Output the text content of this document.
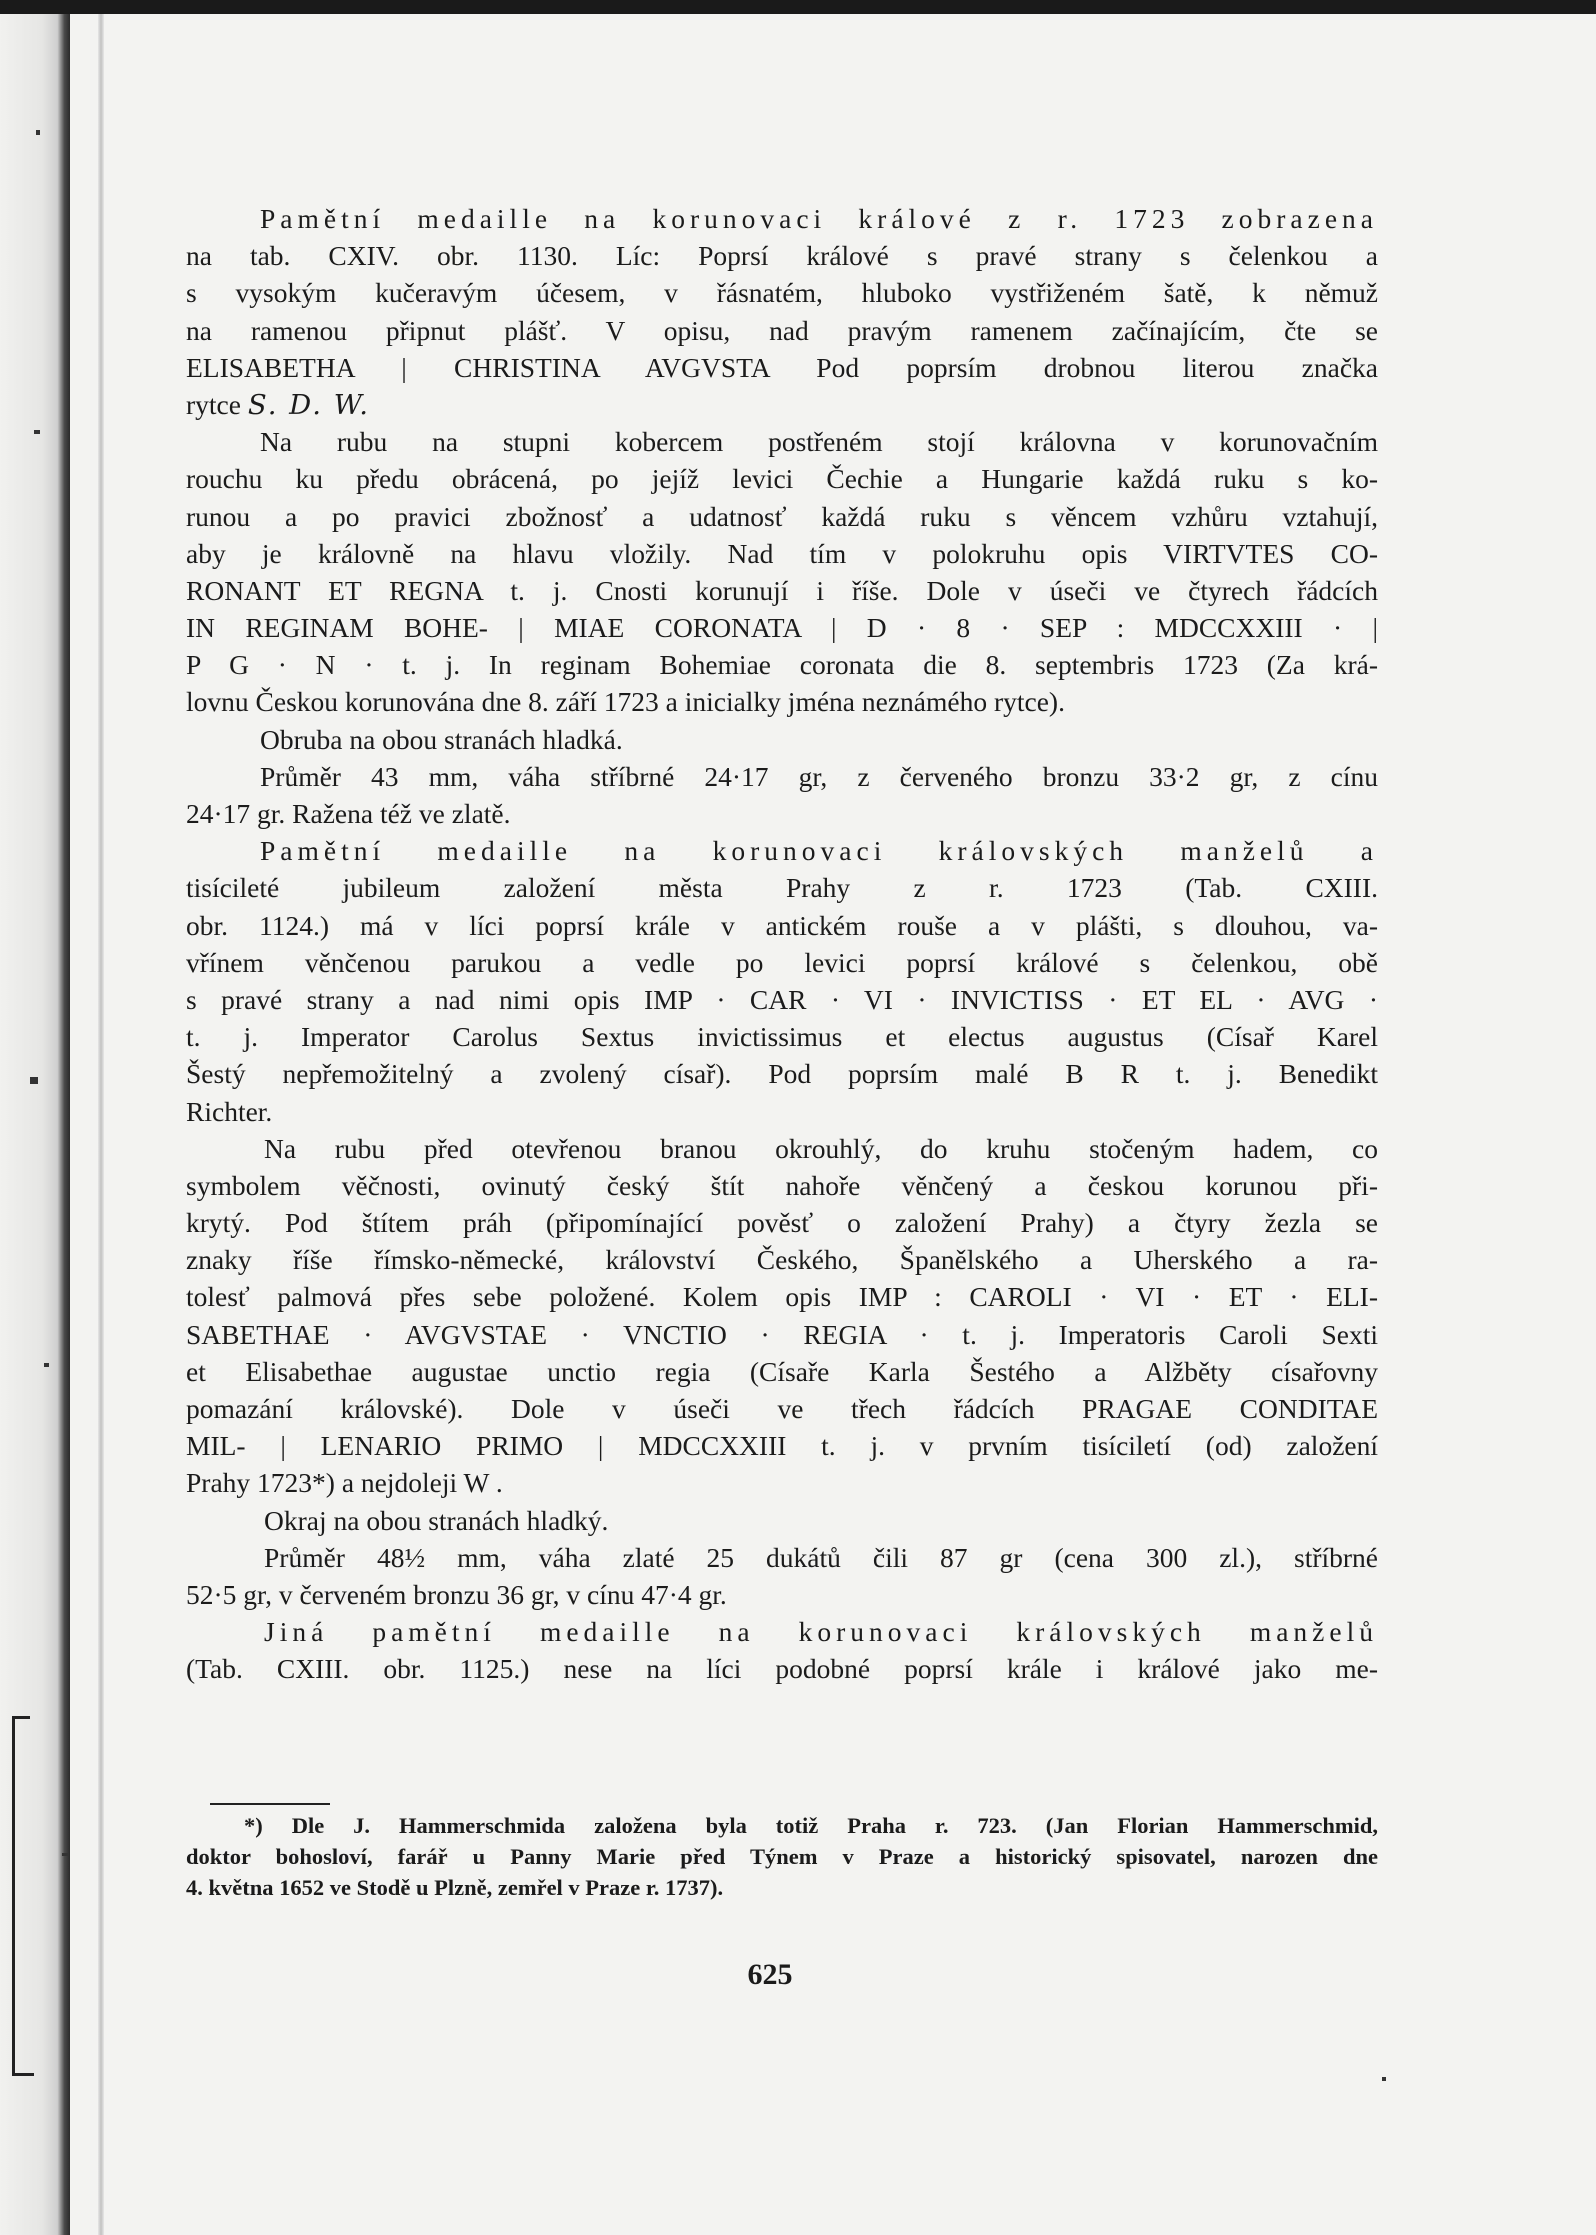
Pamětní medaille na korunovaci králové z r. 1723 zobrazena
na tab. CXIV. obr. 1130. Líc: Poprsí králové s pravé strany s čelenkou a
s vysokým kučeravým účesem, v řásnatém, hluboko vystřiženém šatě, k němuž
na ramenou připnut plášť. V opisu, nad pravým ramenem začínajícím, čte se
ELISABETHA | CHRISTINA AVGVSTA Pod poprsím drobnou literou značka
rytce S. D. W.
Na rubu na stupni kobercem postřeném stojí královna v korunovačním
rouchu ku předu obrácená, po jejíž levici Čechie a Hungarie každá ruku s ko-
runou a po pravici zbožnosť a udatnosť každá ruku s věncem vzhůru vztahují,
aby je královně na hlavu vložily. Nad tím v polokruhu opis VIRTVTES CO-
RONANT ET REGNA t. j. Cnosti korunují i říše. Dole v úseči ve čtyrech řádcích
IN REGINAM BOHE- | MIAE CORONATA | D · 8 · SEP : MDCCXXIII · |
P G · N · t. j. In reginam Bohemiae coronata die 8. septembris 1723 (Za krá-
lovnu Českou korunována dne 8. září 1723 a inicialky jména neznámého rytce).
Obruba na obou stranách hladká.
Průměr 43 mm, váha stříbrné 24·17 gr, z červeného bronzu 33·2 gr, z cínu
24·17 gr. Ražena též ve zlatě.
Pamětní medaille na korunovaci královských manželů a
tisícileté jubileum založení města Prahy z r. 1723 (Tab. CXIII.
obr. 1124.) má v líci poprsí krále v antickém rouše a v plášti, s dlouhou, va-
vřínem věnčenou parukou a vedle po levici poprsí králové s čelenkou, obě
s pravé strany a nad nimi opis IMP · CAR · VI · INVICTISS · ET EL · AVG ·
t. j. Imperator Carolus Sextus invictissimus et electus augustus (Císař Karel
Šestý nepřemožitelný a zvolený císař). Pod poprsím malé B R t. j. Benedikt
Richter.
Na rubu před otevřenou branou okrouhlý, do kruhu stočeným hadem, co
symbolem věčnosti, ovinutý český štít nahoře věnčený a českou korunou při-
krytý. Pod štítem práh (připomínající pověsť o založení Prahy) a čtyry žezla se
znaky říše římsko-německé, království Českého, Španělského a Uherského a ra-
tolesť palmová přes sebe položené. Kolem opis IMP : CAROLI · VI · ET · ELI-
SABETHAE · AVGVSTAE · VNCTIO · REGIA · t. j. Imperatoris Caroli Sexti
et Elisabethae augustae unctio regia (Císaře Karla Šestého a Alžběty císařovny
pomazání královské). Dole v úseči ve třech řádcích PRAGAE CONDITAE
MIL- | LENARIO PRIMO | MDCCXXIII t. j. v prvním tisíciletí (od) založení
Prahy 1723*) a nejdoleji W .
Okraj na obou stranách hladký.
Průměr 48½ mm, váha zlaté 25 dukátů čili 87 gr (cena 300 zl.), stříbrné
52·5 gr, v červeném bronzu 36 gr, v cínu 47·4 gr.
Jiná pamětní medaille na korunovaci královských manželů
(Tab. CXIII. obr. 1125.) nese na líci podobné poprsí krále i králové jako me-
*) Dle J. Hammerschmida založena byla totiž Praha r. 723. (Jan Florian Hammerschmid,
doktor bohosloví, farář u Panny Marie před Týnem v Praze a historický spisovatel, narozen dne
4. května 1652 ve Stodě u Plzně, zemřel v Praze r. 1737).
625
